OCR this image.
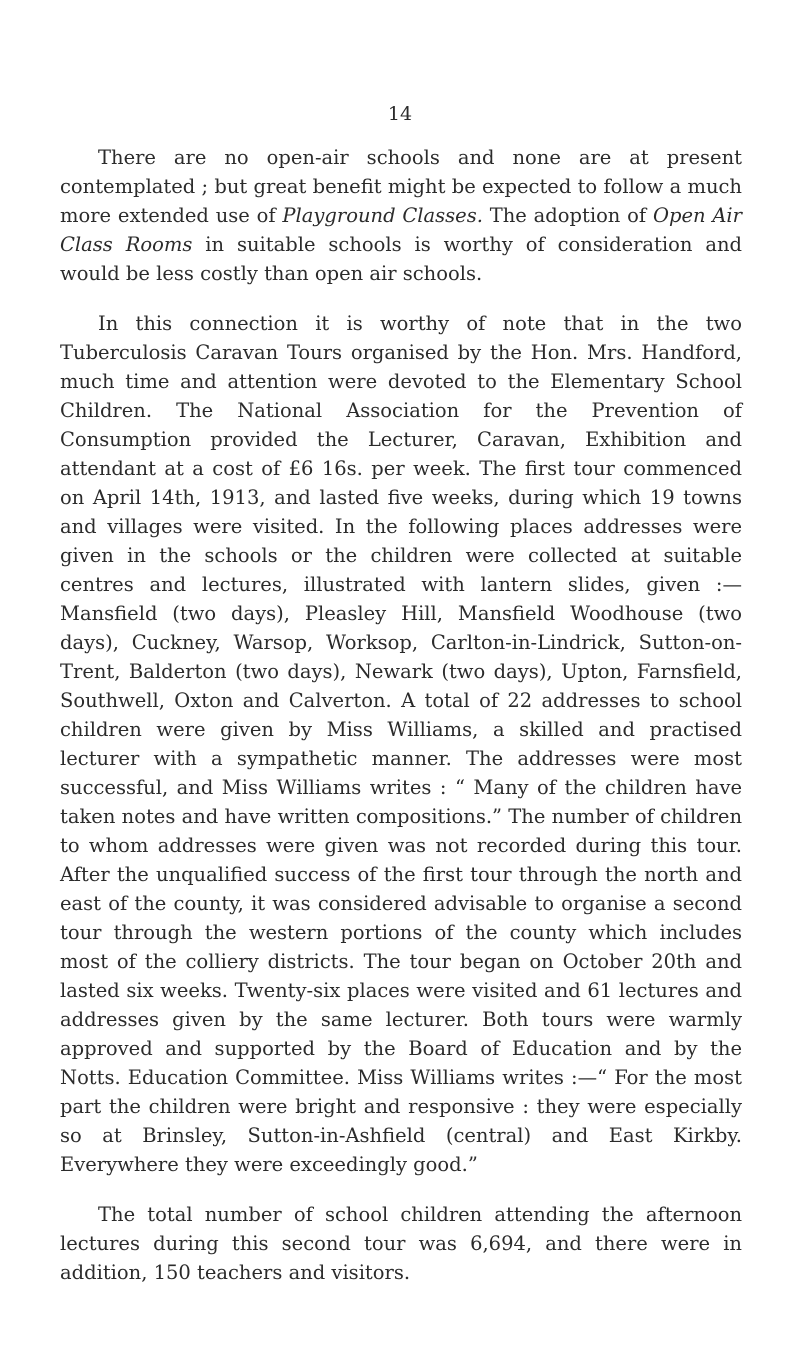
14

There are no open-air schools and none are at present contemplated ; but great benefit might be expected to follow a much more extended use of Playground Classes. The adoption of Open Air Class Rooms in suitable schools is worthy of consideration and would be less costly than open air schools.

In this connection it is worthy of note that in the two Tuberculosis Caravan Tours organised by the Hon. Mrs. Handford, much time and attention were devoted to the Elementary School Children. The National Association for the Prevention of Consumption provided the Lecturer, Caravan, Exhibition and attendant at a cost of £6 16s. per week. The first tour commenced on April 14th, 1913, and lasted five weeks, during which 19 towns and villages were visited. In the following places addresses were given in the schools or the children were collected at suitable centres and lectures, illustrated with lantern slides, given :—Mansfield (two days), Pleasley Hill, Mansfield Woodhouse (two days), Cuckney, Warsop, Worksop, Carlton-in-Lindrick, Sutton-on-Trent, Balderton (two days), Newark (two days), Upton, Farnsfield, Southwell, Oxton and Calverton. A total of 22 addresses to school children were given by Miss Williams, a skilled and practised lecturer with a sympathetic manner. The addresses were most successful, and Miss Williams writes : “ Many of the children have taken notes and have written compositions.” The number of children to whom addresses were given was not recorded during this tour. After the unqualified success of the first tour through the north and east of the county, it was considered advisable to organise a second tour through the western portions of the county which includes most of the colliery districts. The tour began on October 20th and lasted six weeks. Twenty-six places were visited and 61 lectures and addresses given by the same lecturer. Both tours were warmly approved and supported by the Board of Education and by the Notts. Education Committee. Miss Williams writes :—“ For the most part the children were bright and responsive : they were especially so at Brinsley, Sutton-in-Ashfield (central) and East Kirkby. Everywhere they were exceedingly good.”

The total number of school children attending the afternoon lectures during this second tour was 6,694, and there were in addition, 150 teachers and visitors.
